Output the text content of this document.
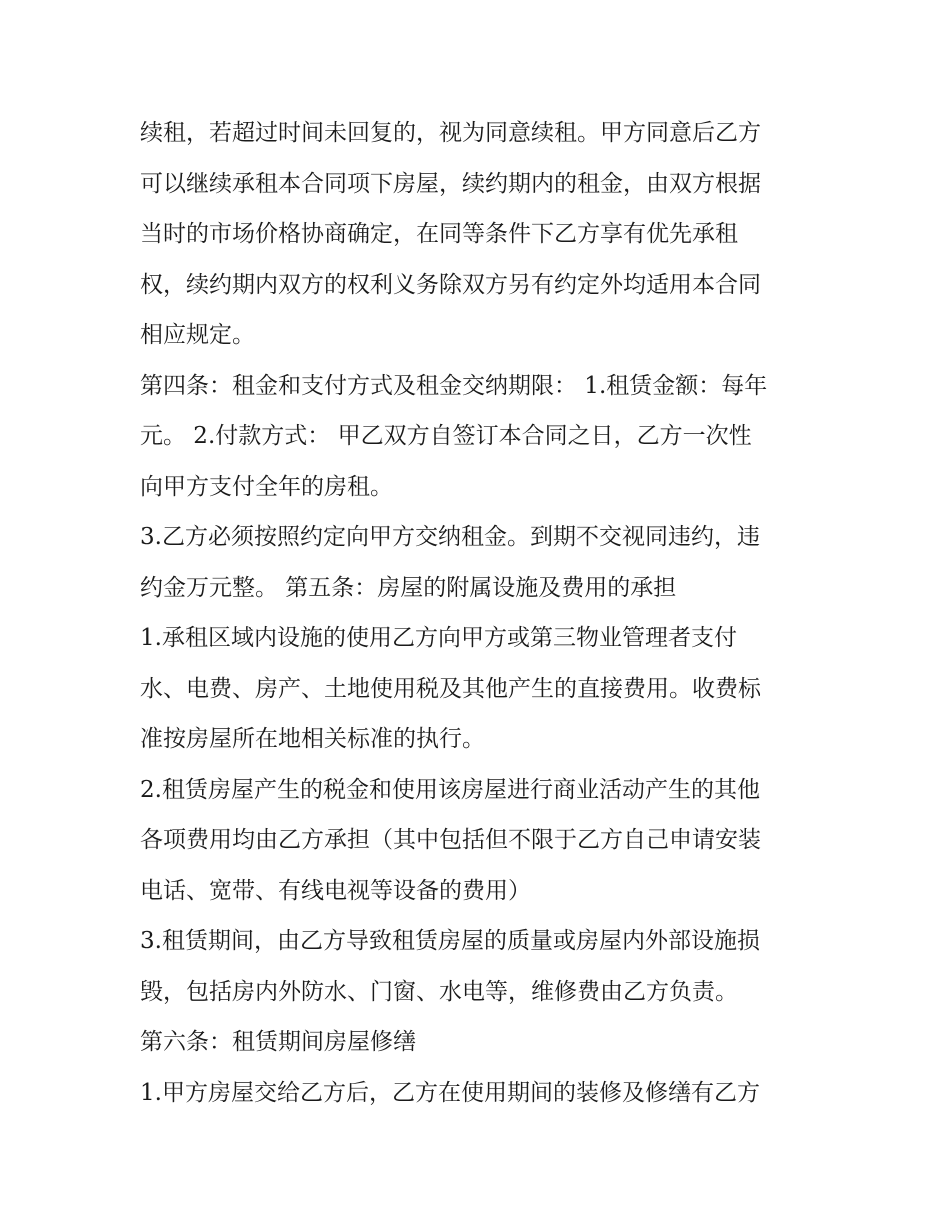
续租，若超过时间未回复的，视为同意续租。甲方同意后乙方
可以继续承租本合同项下房屋，续约期内的租金，由双方根据
当时的市场价格协商确定，在同等条件下乙方享有优先承租
权，续约期内双方的权利义务除双方另有约定外均适用本合同
相应规定。
第四条：租金和支付方式及租金交纳期限： 1.租赁金额：每年
元。 2.付款方式： 甲乙双方自签订本合同之日，乙方一次性
向甲方支付全年的房租。
3.乙方必须按照约定向甲方交纳租金。到期不交视同违约，违
约金万元整。 第五条：房屋的附属设施及费用的承担
1.承租区域内设施的使用乙方向甲方或第三物业管理者支付
水、电费、房产、土地使用税及其他产生的直接费用。收费标
准按房屋所在地相关标准的执行。
2.租赁房屋产生的税金和使用该房屋进行商业活动产生的其他
各项费用均由乙方承担（其中包括但不限于乙方自己申请安装
电话、宽带、有线电视等设备的费用）
3.租赁期间，由乙方导致租赁房屋的质量或房屋内外部设施损
毁，包括房内外防水、门窗、水电等，维修费由乙方负责。
第六条：租赁期间房屋修缮
1.甲方房屋交给乙方后，乙方在使用期间的装修及修缮有乙方
